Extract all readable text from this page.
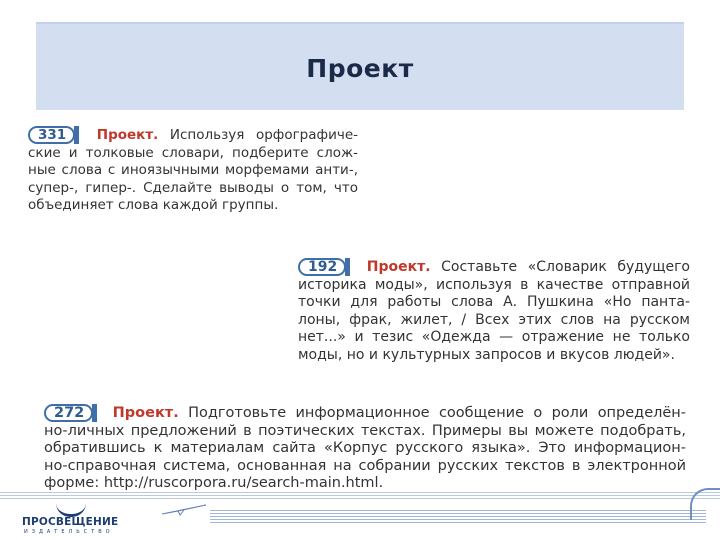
Проект
331 Проект. Используя орфографиче-
ские и толковые словари, подберите слож-
ные слова с иноязычными морфемами анти-,
супер-, гипер-. Сделайте выводы о том, что
объединяет слова каждой группы.
192 Проект. Составьте «Словарик будущего
историка моды», используя в качестве отправной
точки для работы слова А. Пушкина «Но панта-
лоны, фрак, жилет, / Всех этих слов на русском
нет...» и тезис «Одежда — отражение не только
моды, но и культурных запросов и вкусов людей».
272 Проект. Подготовьте информационное сообщение о роли определён-
но-личных предложений в поэтических текстах. Примеры вы можете подобрать,
обратившись к материалам сайта «Корпус русского языка». Это информацион-
но-справочная система, основанная на собрании русских текстов в электронной
форме: http://ruscorpora.ru/search-main.html.
ПРОСВЕЩЕНИЕ
ИЗДАТЕЛЬСТВО
